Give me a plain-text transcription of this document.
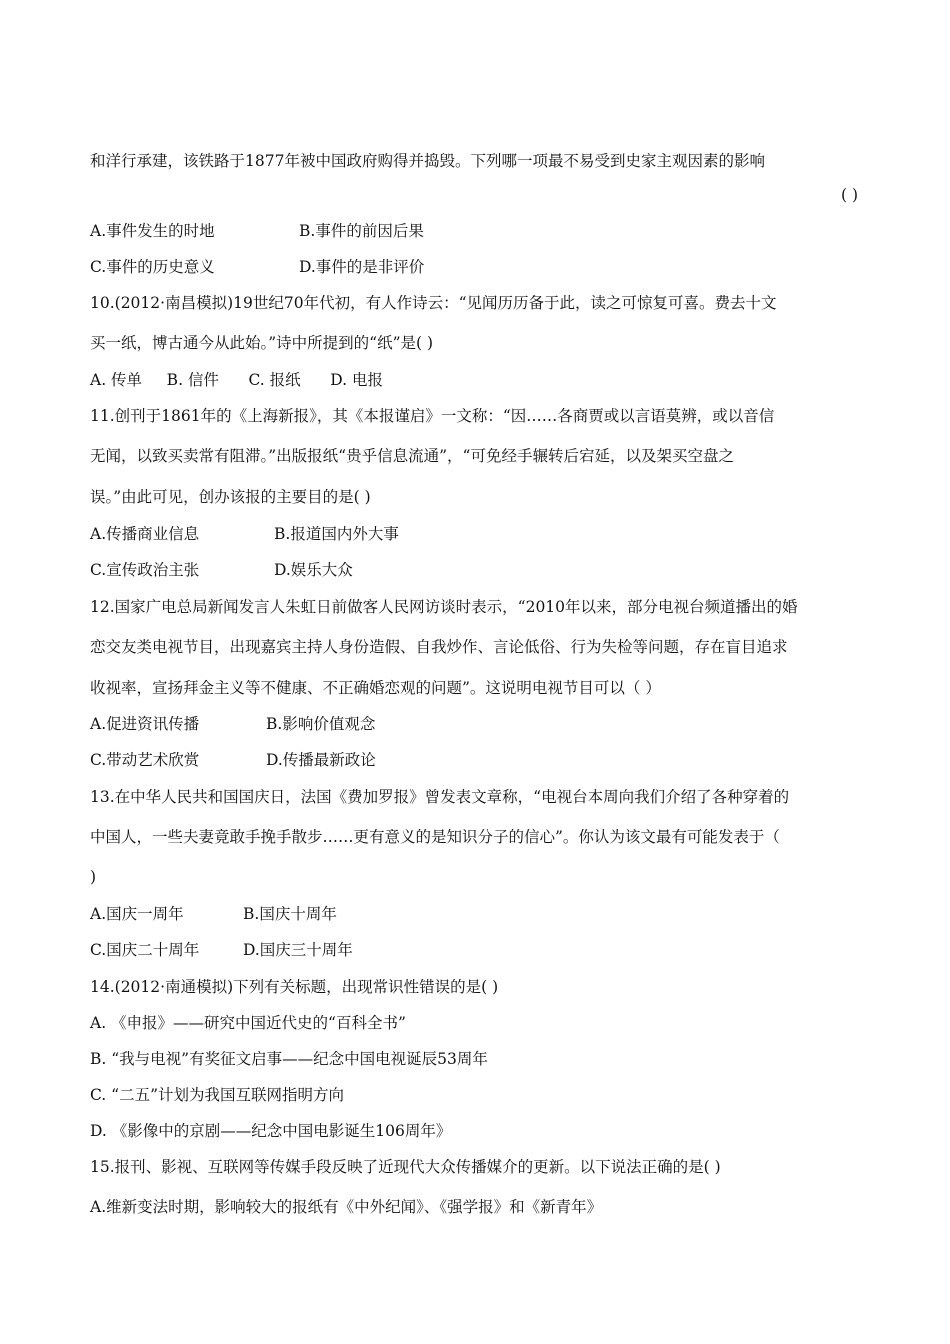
和洋行承建，该铁路于1877年被中国政府购得并捣毁。下列哪一项最不易受到史家主观因素的影响
( )
A.事件发生的时地	B.事件的前因后果
C.事件的历史意义	D.事件的是非评价
10.(2012·南昌模拟)19世纪70年代初，有人作诗云：“见闻历历备于此，读之可惊复可喜。费去十文
买一纸，博古通今从此始。”诗中所提到的“纸”是( )
A. 传单     B. 信件      C. 报纸      D. 电报
11.创刊于1861年的《上海新报》，其《本报谨启》一文称：“因……各商贾或以言语莫辨，或以音信
无闻，以致买卖常有阻滞。”出版报纸“贵乎信息流通”，“可免经手辗转后宕延，以及架买空盘之
误。”由此可见，创办该报的主要目的是( )
A.传播商业信息	B.报道国内外大事
C.宣传政治主张	D.娱乐大众
12.国家广电总局新闻发言人朱虹日前做客人民网访谈时表示，“2010年以来，部分电视台频道播出的婚
恋交友类电视节目，出现嘉宾主持人身份造假、自我炒作、言论低俗、行为失检等问题，存在盲目追求
收视率，宣扬拜金主义等不健康、不正确婚恋观的问题”。这说明电视节目可以（ ）
A.促进资讯传播	B.影响价值观念
C.带动艺术欣赏	D.传播最新政论
13.在中华人民共和国国庆日，法国《费加罗报》曾发表文章称，“电视台本周向我们介绍了各种穿着的
中国人，一些夫妻竟敢手挽手散步……更有意义的是知识分子的信心”。你认为该文最有可能发表于（
)
A.国庆一周年	B.国庆十周年
C.国庆二十周年	D.国庆三十周年
14.(2012·南通模拟)下列有关标题，出现常识性错误的是( )
A. 《申报》——研究中国近代史的“百科全书”
B. “我与电视”有奖征文启事——纪念中国电视诞辰53周年
C. “二五”计划为我国互联网指明方向
D. 《影像中的京剧——纪念中国电影诞生106周年》
15.报刊、影视、互联网等传媒手段反映了近现代大众传播媒介的更新。以下说法正确的是( )
A.维新变法时期，影响较大的报纸有《中外纪闻》、《强学报》和《新青年》
